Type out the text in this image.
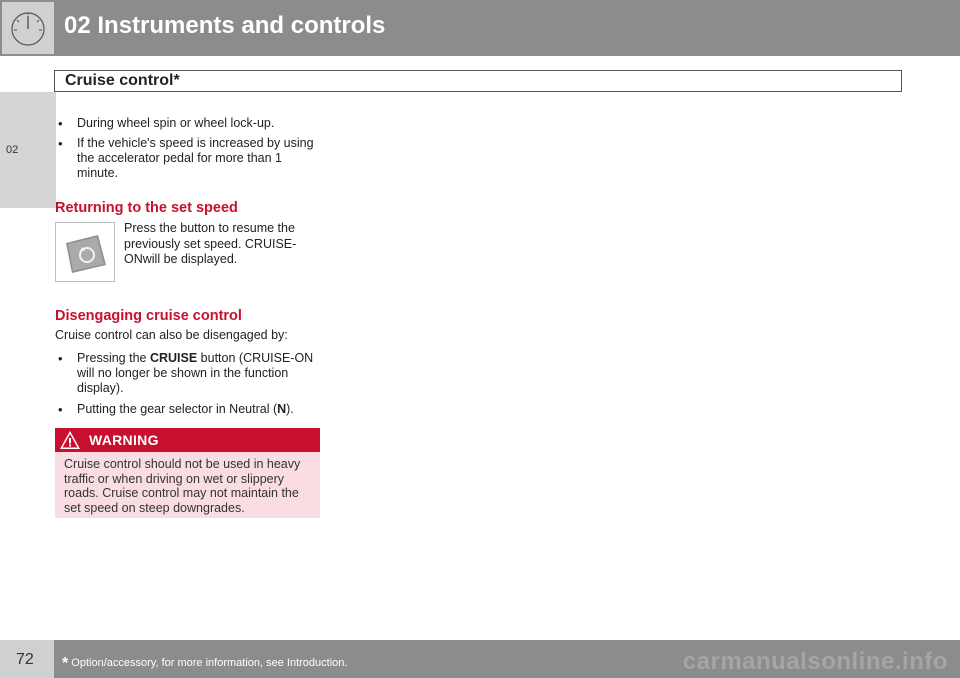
02 Instruments and controls
02
Cruise control*
• During wheel spin or wheel lock-up.
• If the vehicle's speed is increased by using the accelerator pedal for more than 1 minute.
Returning to the set speed
Press the button to resume the previously set speed. CRUISE-ONwill be displayed.
Disengaging cruise control
Cruise control can also be disengaged by:
• Pressing the CRUISE button (CRUISE-ON will no longer be shown in the function display).
• Putting the gear selector in Neutral (N).
WARNING
Cruise control should not be used in heavy traffic or when driving on wet or slippery roads. Cruise control may not maintain the set speed on steep downgrades.
72 * Option/accessory, for more information, see Introduction.	carmanualsonline.info
